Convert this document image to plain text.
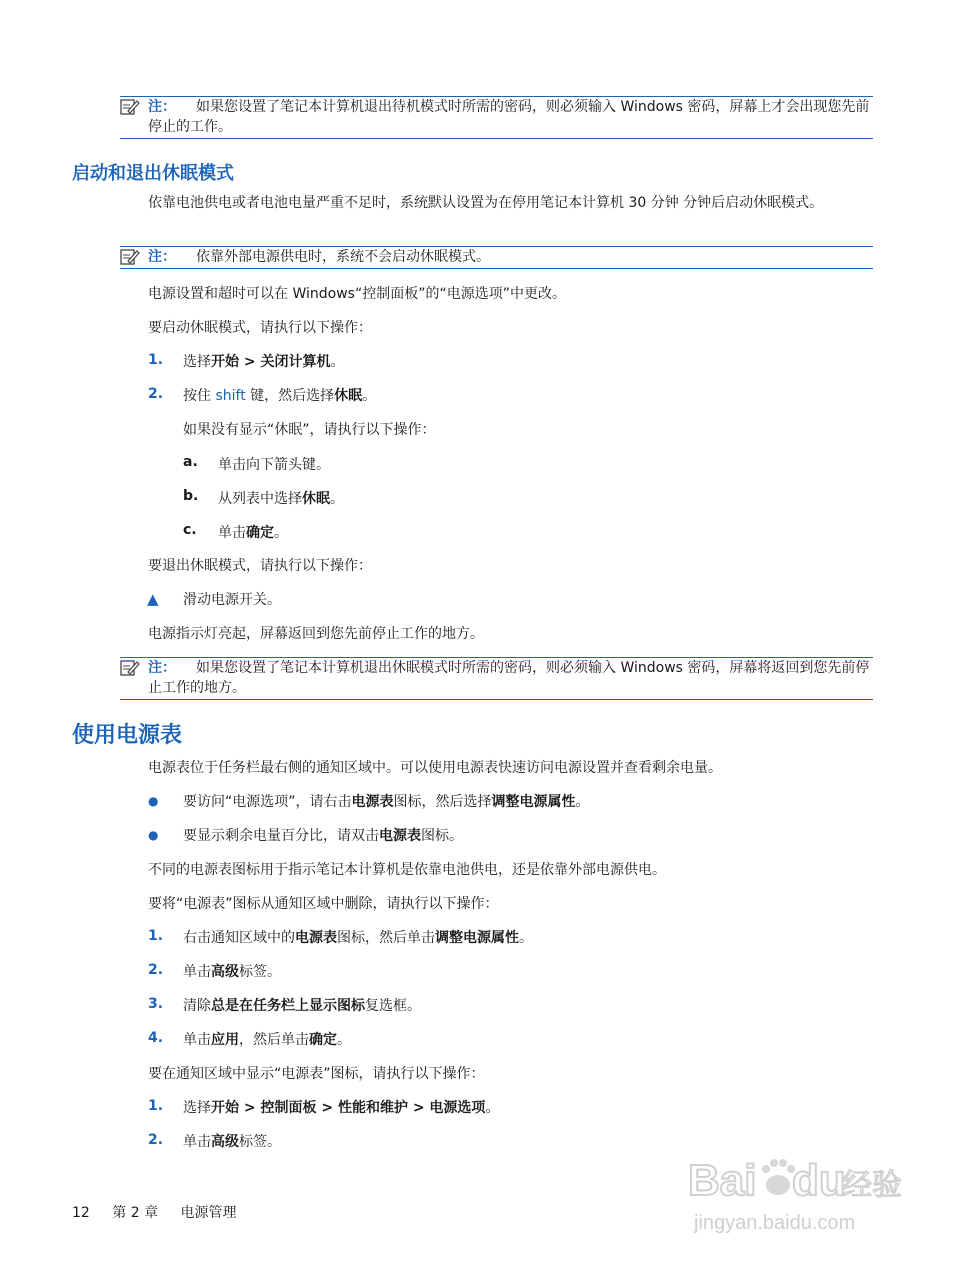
注：	如果您设置了笔记本计算机退出待机模式时所需的密码，则必须输入 Windows 密码，屏幕上才会出现您先前停止的工作。
启动和退出休眠模式
依靠电池供电或者电池电量严重不足时，系统默认设置为在停用笔记本计算机 30 分钟 分钟后启动休眠模式。
注：	依靠外部电源供电时，系统不会启动休眠模式。
电源设置和超时可以在 Windows“控制面板”的“电源选项”中更改。
要启动休眠模式，请执行以下操作：
1. 选择开始 > 关闭计算机。
2. 按住 shift 键，然后选择休眠。
如果没有显示“休眠”，请执行以下操作：
a. 单击向下箭头键。
b. 从列表中选择休眠。
c. 单击确定。
要退出休眠模式，请执行以下操作：
▲ 滑动电源开关。
电源指示灯亮起，屏幕返回到您先前停止工作的地方。
注：	如果您设置了笔记本计算机退出休眠模式时所需的密码，则必须输入 Windows 密码，屏幕将返回到您先前停止工作的地方。
使用电源表
电源表位于任务栏最右侧的通知区域中。可以使用电源表快速访问电源设置并查看剩余电量。
● 要访问“电源选项”，请右击电源表图标，然后选择调整电源属性。
● 要显示剩余电量百分比，请双击电源表图标。
不同的电源表图标用于指示笔记本计算机是依靠电池供电，还是依靠外部电源供电。
要将“电源表”图标从通知区域中删除，请执行以下操作：
1. 右击通知区域中的电源表图标，然后单击调整电源属性。
2. 单击高级标签。
3. 清除总是在任务栏上显示图标复选框。
4. 单击应用，然后单击确定。
要在通知区域中显示“电源表”图标，请执行以下操作：
1. 选择开始 > 控制面板 > 性能和维护 > 电源选项。
2. 单击高级标签。
12 第 2 章 电源管理
Bai du
经验
jingyan.baidu.com
